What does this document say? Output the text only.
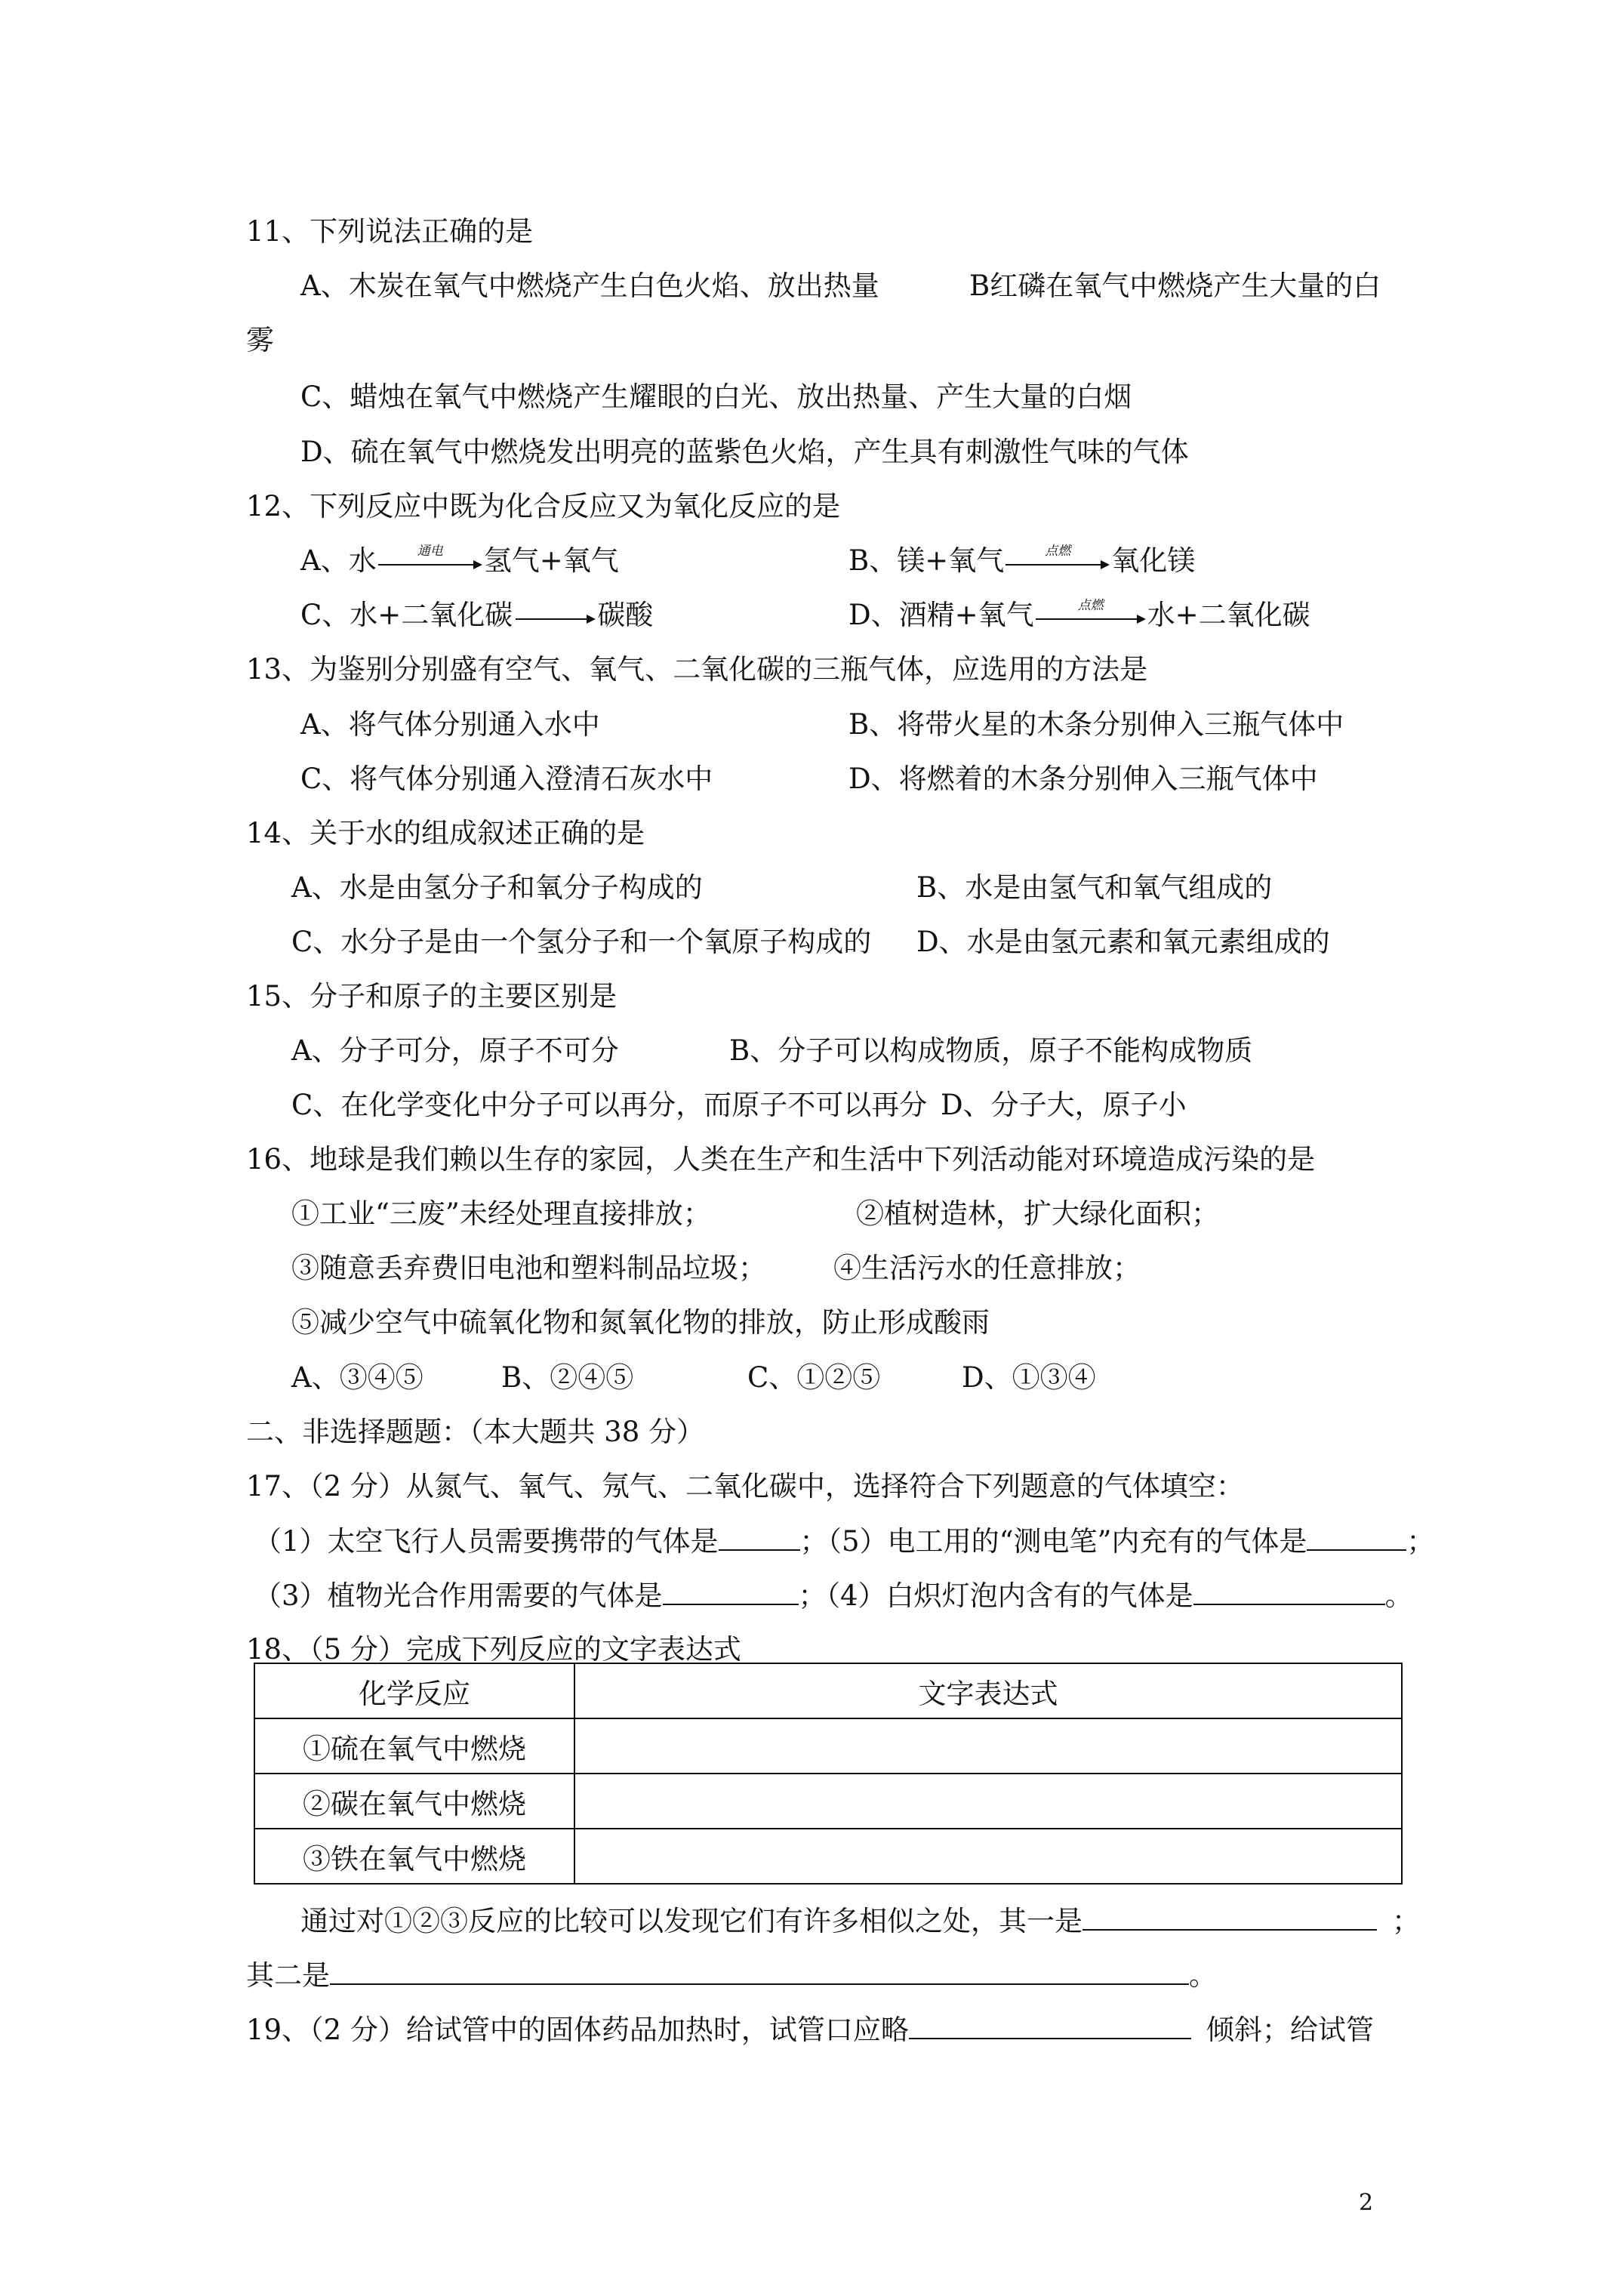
11、下列说法正确的是
A、木炭在氧气中燃烧产生白色火焰、放出热量	B红磷在氧气中燃烧产生大量的白
雾
C、蜡烛在氧气中燃烧产生耀眼的白光、放出热量、产生大量的白烟
D、硫在氧气中燃烧发出明亮的蓝紫色火焰，产生具有刺激性气味的气体
12、下列反应中既为化合反应又为氧化反应的是
A、水	通电	氢气+氧气	B、镁+氧气	点燃	氧化镁
C、水+二氧化碳	碳酸	D、酒精+氧气	点燃	水+二氧化碳
13、为鉴别分别盛有空气、氧气、二氧化碳的三瓶气体，应选用的方法是
A、将气体分别通入水中	B、将带火星的木条分别伸入三瓶气体中
C、将气体分别通入澄清石灰水中	D、将燃着的木条分别伸入三瓶气体中
14、关于水的组成叙述正确的是
A、水是由氢分子和氧分子构成的	B、水是由氢气和氧气组成的
C、水分子是由一个氢分子和一个氧原子构成的 D、水是由氢元素和氧元素组成的
15、分子和原子的主要区别是
A、分子可分，原子不可分	B、分子可以构成物质，原子不能构成物质
C、在化学变化中分子可以再分，而原子不可以再分 D、分子大，原子小
16、地球是我们赖以生存的家园，人类在生产和生活中下列活动能对环境造成污染的是
①工业“三废”未经处理直接排放；	②植树造林，扩大绿化面积；
③随意丢弃费旧电池和塑料制品垃圾； ④生活污水的任意排放；
⑤减少空气中硫氧化物和氮氧化物的排放，防止形成酸雨
A、③④⑤	B、②④⑤	C、①②⑤	D、①③④
二、非选择题题：（本大题共 38 分）
17、（2 分）从氮气、氧气、氖气、二氧化碳中，选择符合下列题意的气体填空：
（1）太空飞行人员需要携带的气体是	；（5）电工用的“测电笔”内充有的气体是	；
（3）植物光合作用需要的气体是	；（4）白炽灯泡内含有的气体是	。
18、（5 分）完成下列反应的文字表达式
化学反应	文字表达式
①硫在氧气中燃烧	
②碳在氧气中燃烧	
③铁在氧气中燃烧	
通过对①②③反应的比较可以发现它们有许多相似之处，其一是	；
其二是	。
19、（2 分）给试管中的固体药品加热时，试管口应略	倾斜；给试管
2
